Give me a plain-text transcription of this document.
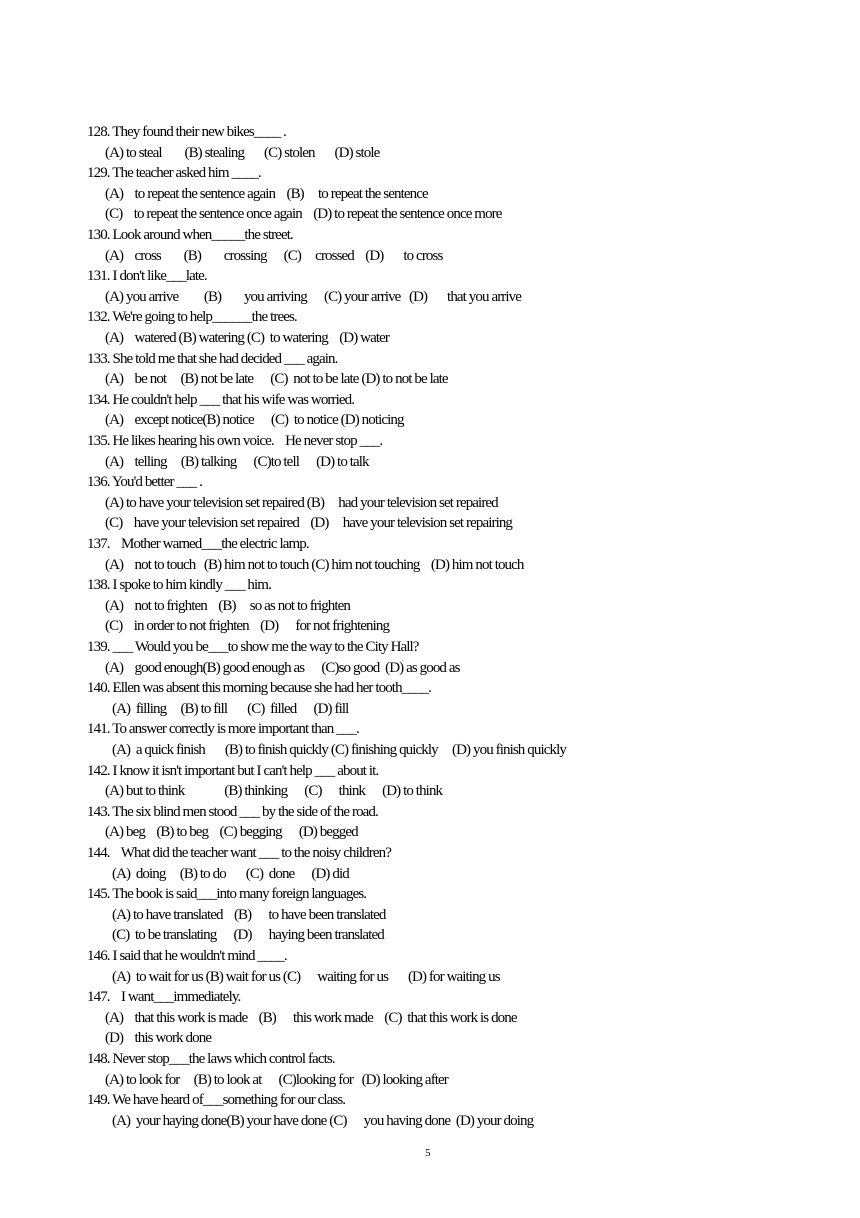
128. They found their new bikes____ .
(A) to steal        (B) stealing       (C) stolen       (D) stole
129. The teacher asked him ____.
(A)    to repeat the sentence again    (B)     to repeat the sentence
(C)    to repeat the sentence once again    (D) to repeat the sentence once more
130. Look around when_____the street.
(A)    cross        (B)        crossing      (C)     crossed    (D)       to cross
131. I don't like___late.
(A) you arrive         (B)        you arriving      (C) your arrive   (D)       that you arrive
132. We're going to help______the trees.
(A)    watered (B) watering (C)  to watering    (D) water
133. She told me that she had decided ___ again.
(A)    be not     (B) not be late      (C)  not to be late (D) to not be late
134. He couldn't help ___ that his wife was worried.
(A)    except notice(B) notice      (C)  to notice (D) noticing
135. He likes hearing his own voice.    He never stop ___.
(A)    telling     (B) talking      (C)to tell      (D) to talk
136. You'd better ___ .
(A) to have your television set repaired (B)     had your television set repaired
(C)    have your television set repaired    (D)     have your television set repairing
137.    Mother warned___the electric lamp.
(A)    not to touch   (B) him not to touch (C) him not touching    (D) him not touch
138. I spoke to him kindly ___ him.
(A)    not to frighten    (B)     so as not to frighten
(C)    in order to not frighten    (D)      for not frightening
139. ___ Would you be___to show me the way to the City Hall?
(A)    good enough(B) good enough as      (C)so good  (D) as good as
140. Ellen was absent this morning because she had her tooth____.
(A)  filling     (B) to fill       (C)  filled      (D) fill
141. To answer correctly is more important than ___.
(A)  a quick finish       (B) to finish quickly (C) finishing quickly     (D) you finish quickly
142. I know it isn't important but I can't help ___ about it.
(A) but to think              (B) thinking      (C)      think      (D) to think
143. The six blind men stood ___ by the side of the road.
(A) beg    (B) to beg    (C) begging      (D) begged
144.    What did the teacher want ___ to the noisy children?
(A)  doing     (B) to do       (C)  done      (D) did
145. The book is said___into many foreign languages.
(A) to have translated    (B)      to have been translated
(C)  to be translating      (D)      haying been translated
146. I said that he wouldn't mind ____.
(A)  to wait for us (B) wait for us (C)      waiting for us       (D) for waiting us
147.    I want___immediately.
(A)    that this work is made    (B)      this work made    (C)  that this work is done
(D)    this work done
148. Never stop___the laws which control facts.
(A) to look for     (B) to look at      (C)looking for   (D) looking after
149. We have heard of___something for our class.
(A)  your haying done(B) your have done (C)      you having done  (D) your doing
5
